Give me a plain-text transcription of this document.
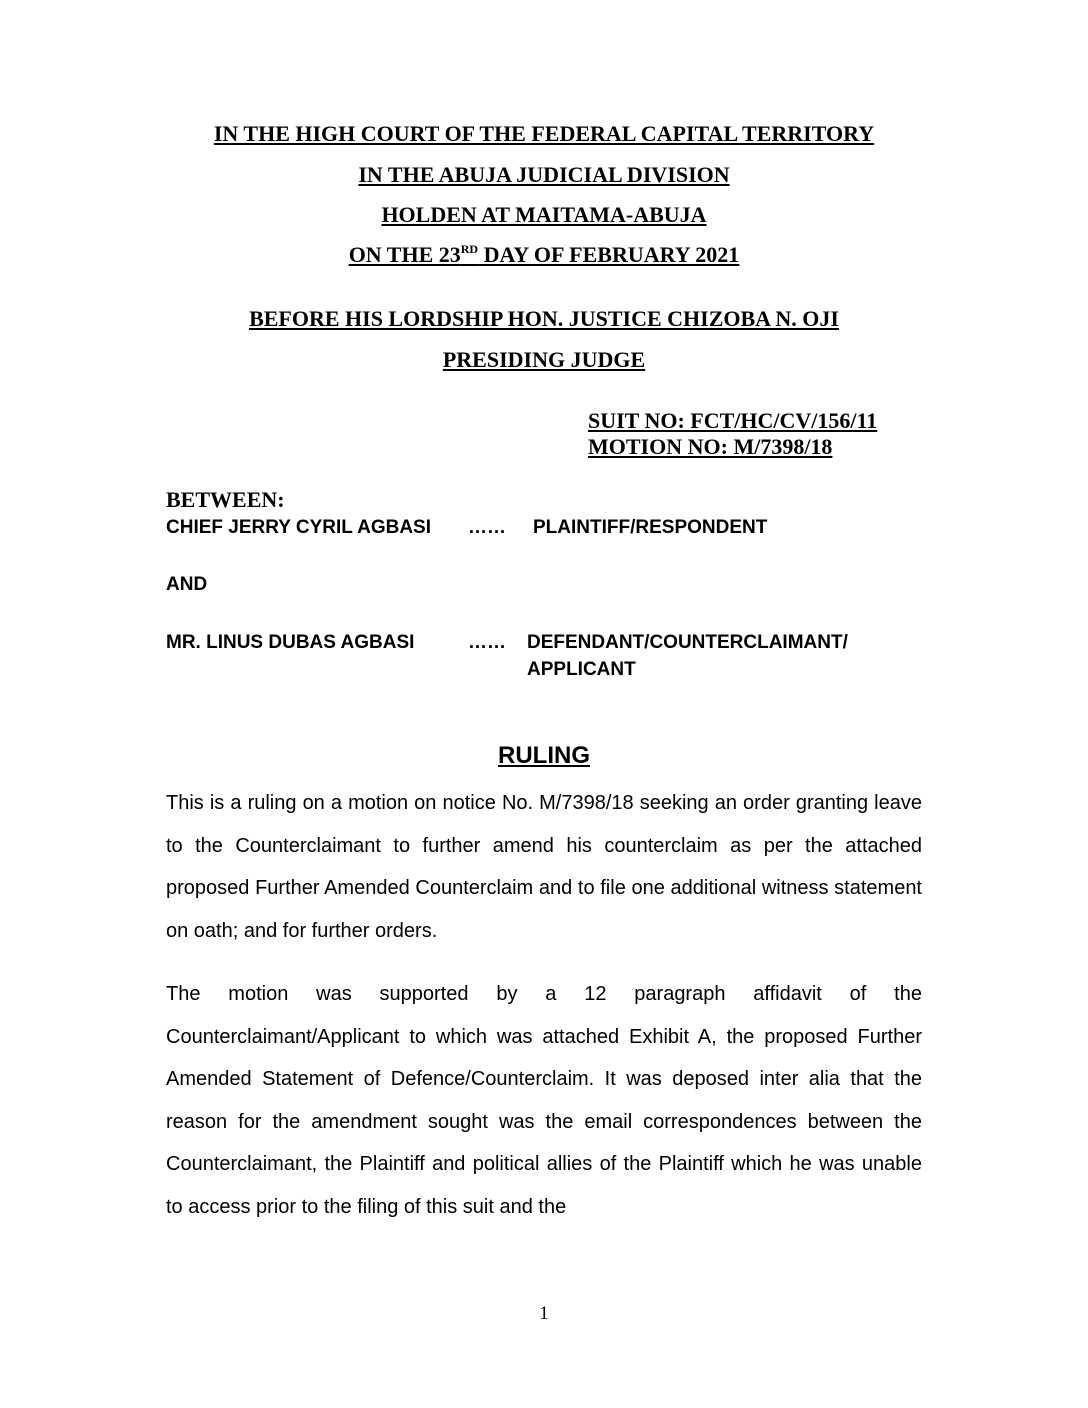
IN THE HIGH COURT OF THE FEDERAL CAPITAL TERRITORY
IN THE ABUJA JUDICIAL DIVISION
HOLDEN AT MAITAMA-ABUJA
ON THE 23RD DAY OF FEBRUARY 2021
BEFORE HIS LORDSHIP HON. JUSTICE CHIZOBA N. OJI
PRESIDING JUDGE
SUIT NO: FCT/HC/CV/156/11
MOTION NO: M/7398/18
BETWEEN:
CHIEF JERRY CYRIL AGBASI …… PLAINTIFF/RESPONDENT
AND
MR. LINUS DUBAS AGBASI	…… DEFENDANT/COUNTERCLAIMANT/
APPLICANT
RULING

This is a ruling on a motion on notice No. M/7398/18 seeking an order granting leave to the Counterclaimant to further amend his counterclaim as per the attached proposed Further Amended Counterclaim and to file one additional witness statement on oath; and for further orders.

The motion was supported by a 12 paragraph affidavit of the Counterclaimant/Applicant to which was attached Exhibit A, the proposed Further Amended Statement of Defence/Counterclaim. It was deposed inter alia that the reason for the amendment sought was the email correspondences between the Counterclaimant, the Plaintiff and political allies of the Plaintiff which he was unable to access prior to the filing of this suit and the

1
